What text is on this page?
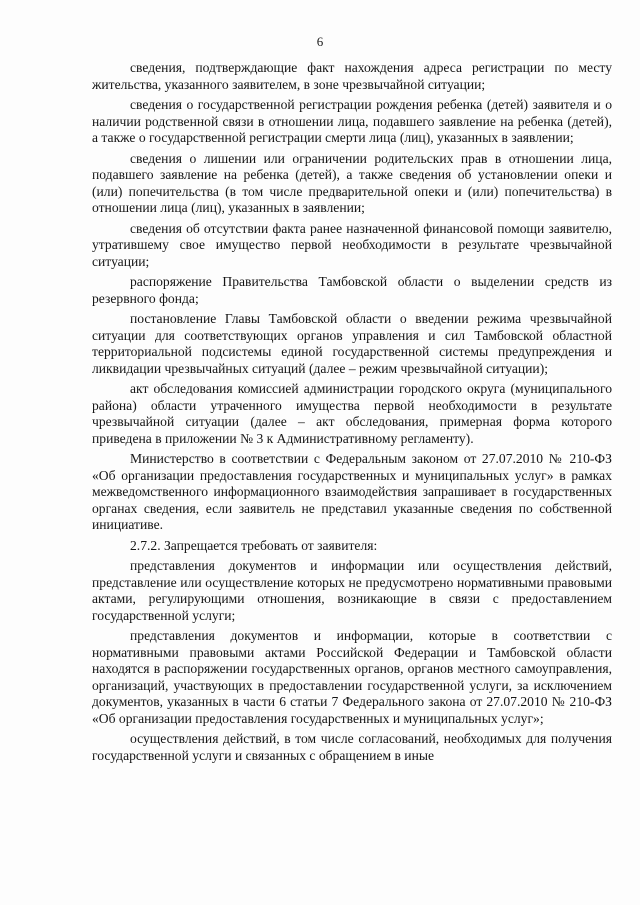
6

сведения, подтверждающие факт нахождения адреса регистрации по месту жительства, указанного заявителем, в зоне чрезвычайной ситуации;

сведения о государственной регистрации рождения ребенка (детей) заявителя и о наличии родственной связи в отношении лица, подавшего заявление на ребенка (детей), а также о государственной регистрации смерти лица (лиц), указанных в заявлении;

сведения о лишении или ограничении родительских прав в отношении лица, подавшего заявление на ребенка (детей), а также сведения об установлении опеки и (или) попечительства (в том числе предварительной опеки и (или) попечительства) в отношении лица (лиц), указанных в заявлении;

сведения об отсутствии факта ранее назначенной финансовой помощи заявителю, утратившему свое имущество первой необходимости в результате чрезвычайной ситуации;

распоряжение Правительства Тамбовской области о выделении средств из резервного фонда;

постановление Главы Тамбовской области о введении режима чрезвычайной ситуации для соответствующих органов управления и сил Тамбовской областной территориальной подсистемы единой государственной системы предупреждения и ликвидации чрезвычайных ситуаций (далее – режим чрезвычайной ситуации);

акт обследования комиссией администрации городского округа (муниципального района) области утраченного имущества первой необходимости в результате чрезвычайной ситуации (далее – акт обследования, примерная форма которого приведена в приложении № 3 к Административному регламенту).

Министерство в соответствии с Федеральным законом от 27.07.2010 № 210-ФЗ «Об организации предоставления государственных и муниципальных услуг» в рамках межведомственного информационного взаимодействия запрашивает в государственных органах сведения, если заявитель не представил указанные сведения по собственной инициативе.

2.7.2. Запрещается требовать от заявителя:

представления документов и информации или осуществления действий, представление или осуществление которых не предусмотрено нормативными правовыми актами, регулирующими отношения, возникающие в связи с предоставлением государственной услуги;

представления документов и информации, которые в соответствии с нормативными правовыми актами Российской Федерации и Тамбовской области находятся в распоряжении государственных органов, органов местного самоуправления, организаций, участвующих в предоставлении государственной услуги, за исключением документов, указанных в части 6 статьи 7 Федерального закона от 27.07.2010 № 210-ФЗ «Об организации предоставления государственных и муниципальных услуг»;

осуществления действий, в том числе согласований, необходимых для получения государственной услуги и связанных с обращением в иные
